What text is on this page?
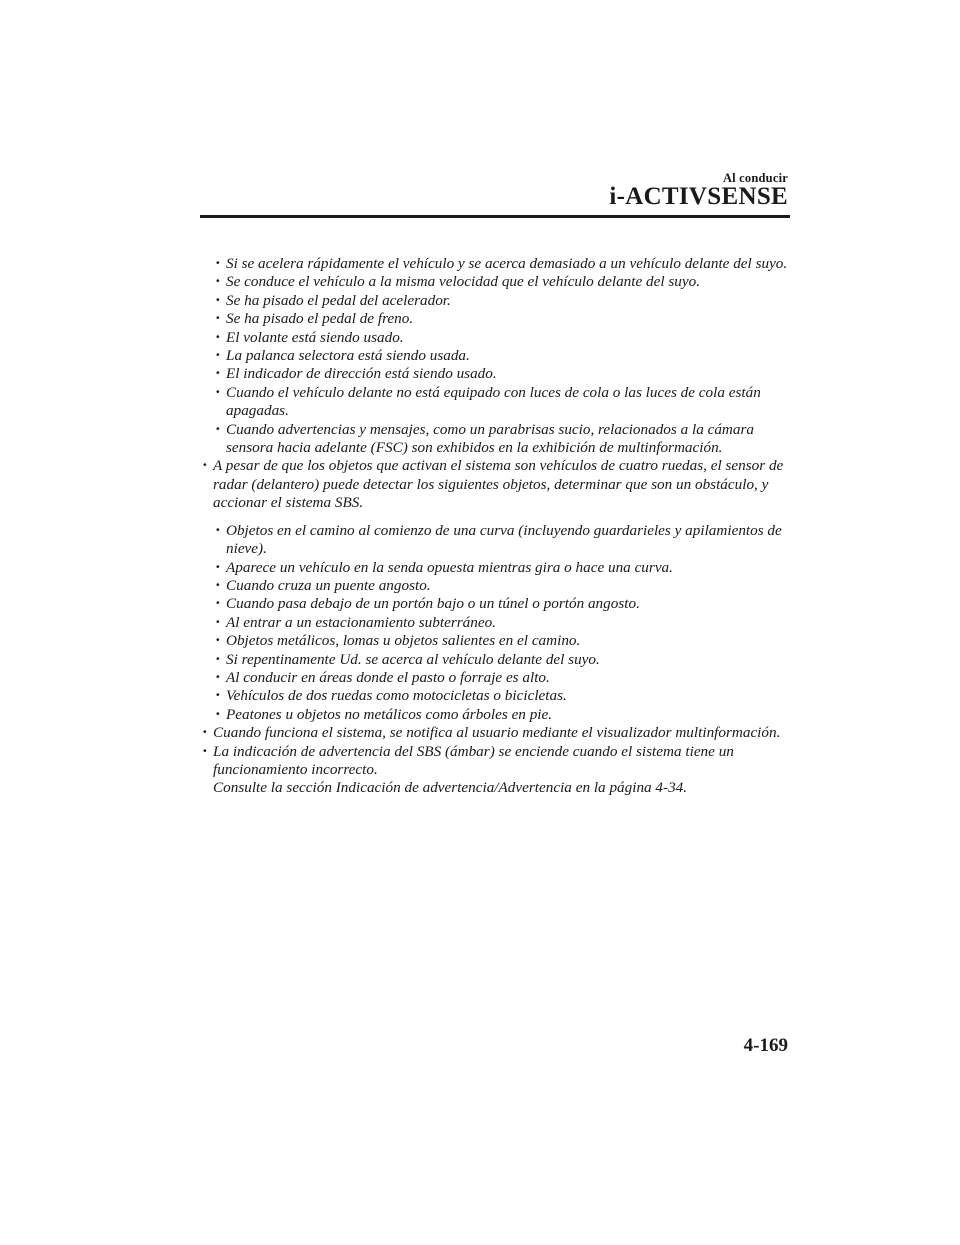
Al conducir
i-ACTIVSENSE
· Si se acelera rápidamente el vehículo y se acerca demasiado a un vehículo delante del suyo.
· Se conduce el vehículo a la misma velocidad que el vehículo delante del suyo.
· Se ha pisado el pedal del acelerador.
· Se ha pisado el pedal de freno.
· El volante está siendo usado.
· La palanca selectora está siendo usada.
· El indicador de dirección está siendo usado.
· Cuando el vehículo delante no está equipado con luces de cola o las luces de cola están apagadas.
· Cuando advertencias y mensajes, como un parabrisas sucio, relacionados a la cámara sensora hacia adelante (FSC) son exhibidos en la exhibición de multinformación.
· A pesar de que los objetos que activan el sistema son vehículos de cuatro ruedas, el sensor de radar (delantero) puede detectar los siguientes objetos, determinar que son un obstáculo, y accionar el sistema SBS.
· Objetos en el camino al comienzo de una curva (incluyendo guardarieles y apilamientos de nieve).
· Aparece un vehículo en la senda opuesta mientras gira o hace una curva.
· Cuando cruza un puente angosto.
· Cuando pasa debajo de un portón bajo o un túnel o portón angosto.
· Al entrar a un estacionamiento subterráneo.
· Objetos metálicos, lomas u objetos salientes en el camino.
· Si repentinamente Ud. se acerca al vehículo delante del suyo.
· Al conducir en áreas donde el pasto o forraje es alto.
· Vehículos de dos ruedas como motocicletas o bicicletas.
· Peatones u objetos no metálicos como árboles en pie.
· Cuando funciona el sistema, se notifica al usuario mediante el visualizador multinformación.
· La indicación de advertencia del SBS (ámbar) se enciende cuando el sistema tiene un funcionamiento incorrecto.
Consulte la sección Indicación de advertencia/Advertencia en la página 4-34.
4-169
